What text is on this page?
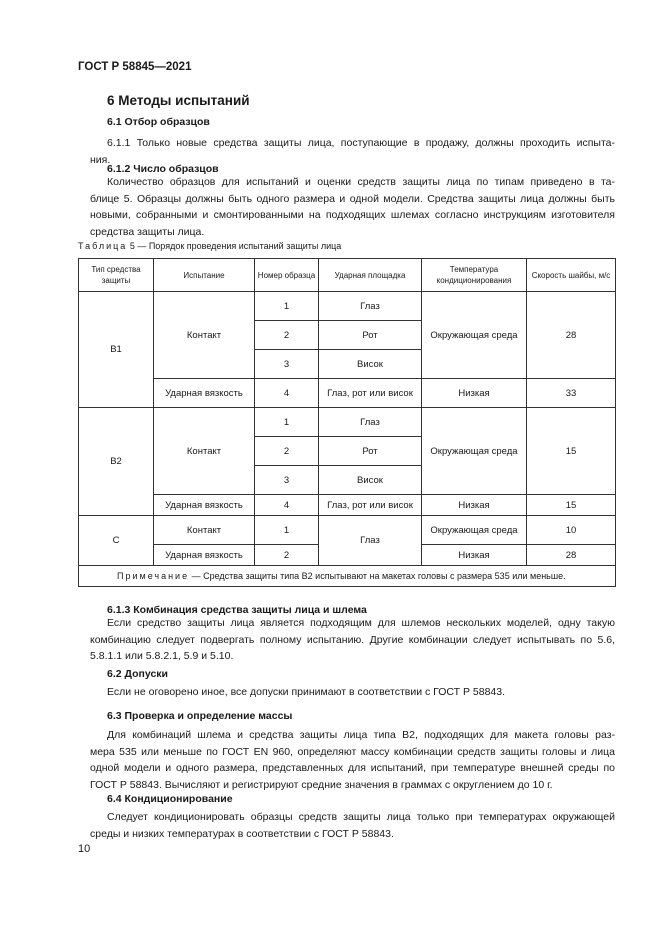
ГОСТ Р 58845—2021
6 Методы испытаний
6.1 Отбор образцов
6.1.1 Только новые средства защиты лица, поступающие в продажу, должны проходить испыта-
ния.
6.1.2 Число образцов
Количество образцов для испытаний и оценки средств защиты лица по типам приведено в та-
блице 5. Образцы должны быть одного размера и одной модели. Средства защиты лица должны быть
новыми, собранными и смонтированными на подходящих шлемах согласно инструкциям изготовителя
средства защиты лица.
Таблица 5 — Порядок проведения испытаний защиты лица
Тип средства защиты	Испытание	Номер образца	Ударная площадка	Температура кондиционирования	Скорость шайбы, м/с
B1	Контакт	1	Глаз	Окружающая среда	28
		2	Рот		
		3	Висок		
	Ударная вязкость	4	Глаз, рот или висок	Низкая	33
B2	Контакт	1	Глаз	Окружающая среда	15
		2	Рот		
		3	Висок		
	Ударная вязкость	4	Глаз, рот или висок	Низкая	15
C	Контакт	1	Глаз	Окружающая среда	10
	Ударная вязкость	2		Низкая	28
Примечание — Средства защиты типа B2 испытывают на макетах головы с размера 535 или меньше.					
6.1.3 Комбинация средства защиты лица и шлема
Если средство защиты лица является подходящим для шлемов нескольких моделей, одну такую
комбинацию следует подвергать полному испытанию. Другие комбинации следует испытывать по 5.6,
5.8.1.1 или 5.8.2.1, 5.9 и 5.10.
6.2 Допуски
Если не оговорено иное, все допуски принимают в соответствии с ГОСТ Р 58843.
6.3 Проверка и определение массы
Для комбинаций шлема и средства защиты лица типа B2, подходящих для макета головы раз-
мера 535 или меньше по ГОСТ EN 960, определяют массу комбинации средств защиты головы и лица
одной модели и одного размера, представленных для испытаний, при температуре внешней среды по
ГОСТ Р 58843. Вычисляют и регистрируют средние значения в граммах с округлением до 10 г.
6.4 Кондиционирование
Следует кондиционировать образцы средств защиты лица только при температурах окружающей
среды и низких температурах в соответствии с ГОСТ Р 58843.
10
